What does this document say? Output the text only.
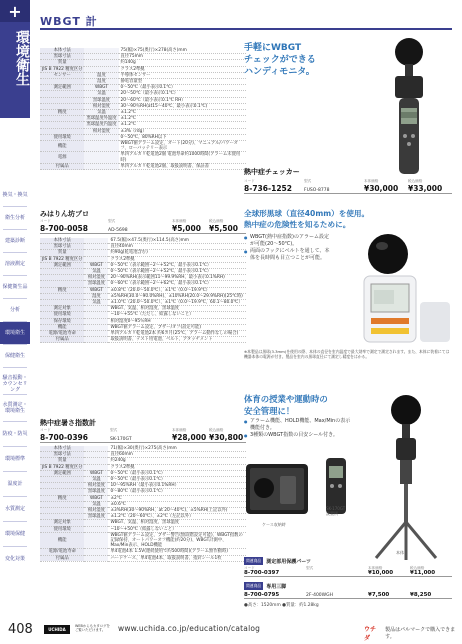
+
環境衛生
換気・換気
衛生分析
建築診断
溶液測定
保健衛生品
分析
環境衛生
保健衛生
騒音振動・カウンセリング
水質測定・環境衛生
防疫・防災
環境標準
温度計
水質測定
環境保健
変化対策
WBGT 計
本体寸法		75(幅)×75(奥行)×278(高さ)mm
黒球寸法		直径75mm
質量		約140g
JIS B 7922 精度区分		クラス2準拠
センサー	温度	半導体センサー
	湿度	静電容量型
測定範囲	WBGT	0〜50℃（最小表示0.1℃）
	気温	20〜50℃（最小表示0.1℃）
	黒球温度	20〜60℃（最小表示0.1℃ RH）
	相対湿度	30〜90％RH(at15〜40℃、最小表示0.1℃)
精度	気温	±1.2℃
	黒球温度外温度	±1.2℃
	黒球温度内温度	±1.2℃
	相対湿度	±3%（rdg）
使用環境		0〜50℃、80%RH以下
機能		WBGT値アラーム設定、オート(20分)、マニュアル/パワーオフ、ローバッテリー表示
電源		単四アルカリ乾電池2個 電池寿命約1000時間(アラーム未使用時)
付属品		単四アルカリ乾電池2個、取扱説明書、保証書
手軽にWBGT
チェックができる
ハンディモニタ。
熱中症チェッカー
コード	型式	本体価格	税込価格
8-736-1252	FUSO-8778	¥30,000	¥33,000
みはりん坊プロ
コード	型式	本体価格	税込価格
8-700-0058	AD-5698	¥5,000	¥5,500
本体寸法		67.5(幅)×47.5(奥行)×114.5(高さ)mm
黒球寸法		直径40mm
質量		約90g(乾電池含む)
JIS B 7922 精度区分		クラス2準拠
測定範囲	WBGT	0〜50℃（表示範囲−2〜+52℃、最小表示0.1℃）
	気温	0〜50℃（表示範囲−2〜+52℃、最小表示0.1℃）
	相対湿度	20〜90%RH(表示範囲11〜99.9%RH、最小表示0.1%RH)
	黒球温度	0〜60℃（表示範囲−2〜+62℃、最小表示0.1℃）
精度	WBGT	±0.8℃（20.0〜50.0℃）、±1℃（0.0〜19.9℃）
	湿度	±5%RH(30.0〜90.0%RH)、±10%RH(20.0〜29.9%RH)(25℃時)
	気温	±1.0℃（20.0〜50.0℃）、±1℃（0.0〜19.9℃、60.1〜80.0℃）
測定対象		WBGT、気温、相対湿度、黒球温度
使用環境		−10〜+55℃（ただし、結露しないこと）
保存環境		相対湿度0〜95％RH
機能		WBGT値アラーム設定、ブザー/オフ(設定可能)
電源/電池寿命		単四アルカリ乾電池2本 約6カ月(25℃、アラーム動作なしの場合)
付属品		取扱説明書、テスト用電池、ベルト、アタッチメント
全球形黒球（直径40mm）を使用。
熱中症の危険性を知るために。
● WBGT(熱中症指数)のアラーム設定が可能(20〜50℃)。
● 両面のフックにベルトを通して、本体を長時間も目立つことが可能。
※本製品は黒球(3.3mm)を使用の際、本体の直径を室内温度で最大効率で測定で測定されます。また、本体に装着にては機器本体の電源が付き。製品を室内の黒球直径にて測定し精度をはかる。
熱中症暑さ指数計
コード	型式	本体価格	税込価格
8-700-0396	SK-170GT	¥28,000 ¥30,800
本体寸法		71(幅)×30(奥行)×275(高さ)mm
黒球寸法		直径60mm
質量		約240g
JIS B 7922 精度区分		クラス2準拠
測定範囲	WBGT	0〜50℃（最小表示0.1℃）
	気温	0〜50℃（最小表示0.1℃）
	相対湿度	10〜95%RH（最小表示0.1%RH）
	黒球温度	0〜80℃（最小表示0.1℃）
精度	WBGT	±2℃
	気温	±0.6℃
	相対湿度	±3%RH(30〜90%RH、at 20〜40℃)、±5%RH(上記以外)
	黒球温度	±1.2℃（20〜60℃）、±2℃（左記以外）
測定対象		WBGT、気温、相対湿度、黒球温度
使用環境		−10〜+50℃（結露しないこと）
機能		WBGT値アラーム設定、ブザー警告(無段階設定可能)、WBGT指数の記録保持、オートパワーオフ機能(約20分)、WBGT計測中、Max/Min表示、HOLD機能
電源/電池寿命		単4電池4本 1.5V(連続使用で約500時間)(アラーム無作動時)
付属品		ハードケース、単4電池4本、取扱説明書、指針シール1枚
体育の授業や運動時の
安全管理に！
● アラーム機能、HOLD機能、Max/Minの表示機能付き。
● 3種類のWBGT指数の目安シール付き。
ケース収納時
SK-170GT
設置例
本体
関連商品	測定部用保護パーツ
コード	型式	本体価格	税込価格
8-700-0397	¥10,000	¥11,000
関連商品	専用三脚
8-700-0795	2F-400WGH	¥7,500	¥8,250
●高さ：1520mm ●質量：約1.28kg
408	UCHIDA
WEBからもカタログを
ご覧いただけます。	www.uchida.co.jp/education/catalog	ウチダ
製品はパルマークで購入できます。
